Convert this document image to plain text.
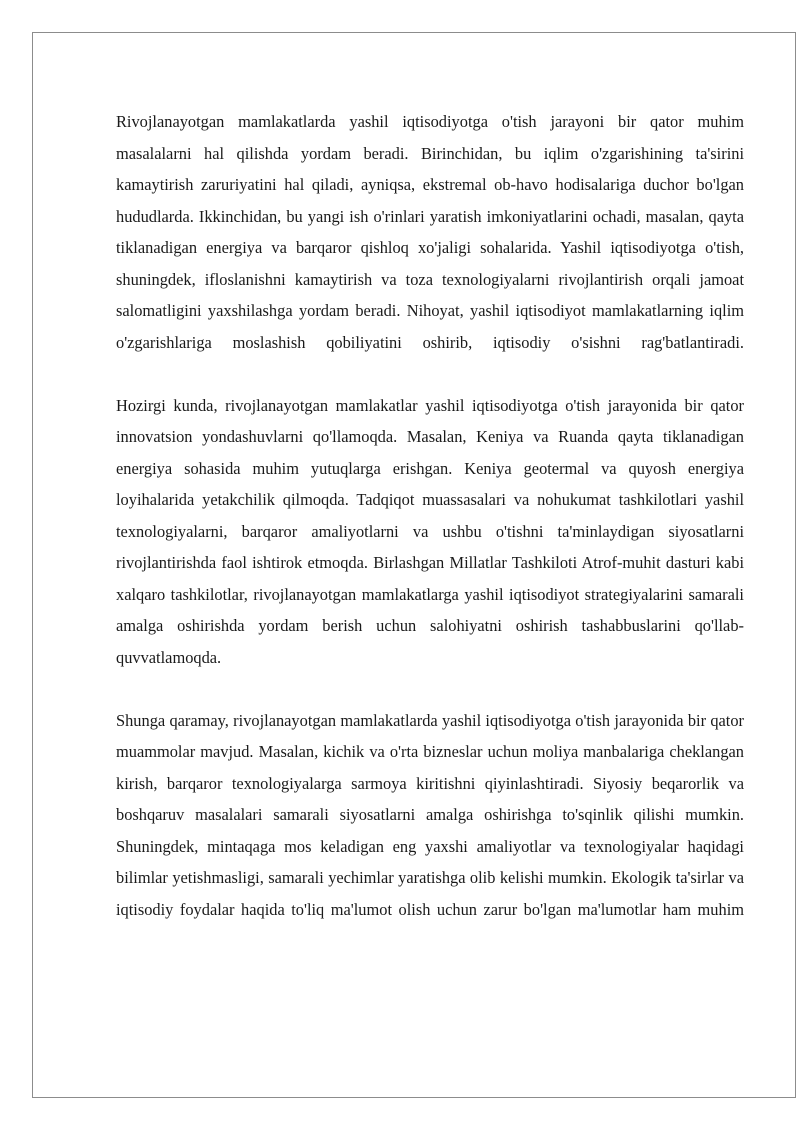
Rivojlanayotgan mamlakatlarda yashil iqtisodiyotga o'tish jarayoni bir qator muhim masalalarni hal qilishda yordam beradi. Birinchidan, bu iqlim o'zgarishining ta'sirini kamaytirish zaruriyatini hal qiladi, ayniqsa, ekstremal ob-havo hodisalariga duchor bo'lgan hududlarda. Ikkinchidan, bu yangi ish o'rinlari yaratish imkoniyatlarini ochadi, masalan, qayta tiklanadigan energiya va barqaror qishloq xo'jaligi sohalarida. Yashil iqtisodiyotga o'tish, shuningdek, ifloslanishni kamaytirish va toza texnologiyalarni rivojlantirish orqali jamoat salomatligini yaxshilashga yordam beradi. Nihoyat, yashil iqtisodiyot mamlakatlarning iqlim o'zgarishlariga moslashish qobiliyatini oshirib, iqtisodiy o'sishni rag'batlantiradi.

Hozirgi kunda, rivojlanayotgan mamlakatlar yashil iqtisodiyotga o'tish jarayonida bir qator innovatsion yondashuvlarni qo'llamoqda. Masalan, Keniya va Ruanda qayta tiklanadigan energiya sohasida muhim yutuqlarga erishgan. Keniya geotermal va quyosh energiya loyihalarida yetakchilik qilmoqda. Tadqiqot muassasalari va nohukumat tashkilotlari yashil texnologiyalarni, barqaror amaliyotlarni va ushbu o'tishni ta'minlaydigan siyosatlarni rivojlantirishda faol ishtirok etmoqda. Birlashgan Millatlar Tashkiloti Atrof-muhit dasturi kabi xalqaro tashkilotlar, rivojlanayotgan mamlakatlarga yashil iqtisodiyot strategiyalarini samarali amalga oshirishda yordam berish uchun salohiyatni oshirish tashabbuslarini qo'llab-quvvatlamoqda.

Shunga qaramay, rivojlanayotgan mamlakatlarda yashil iqtisodiyotga o'tish jarayonida bir qator muammolar mavjud. Masalan, kichik va o'rta bizneslar uchun moliya manbalariga cheklangan kirish, barqaror texnologiyalarga sarmoya kiritishni qiyinlashtiradi. Siyosiy beqarorlik va boshqaruv masalalari samarali siyosatlarni amalga oshirishga to'sqinlik qilishi mumkin. Shuningdek, mintaqaga mos keladigan eng yaxshi amaliyotlar va texnologiyalar haqidagi bilimlar yetishmasligi, samarali yechimlar yaratishga olib kelishi mumkin. Ekologik ta'sirlar va iqtisodiy foydalar haqida to'liq ma'lumot olish uchun zarur bo'lgan ma'lumotlar ham muhim
